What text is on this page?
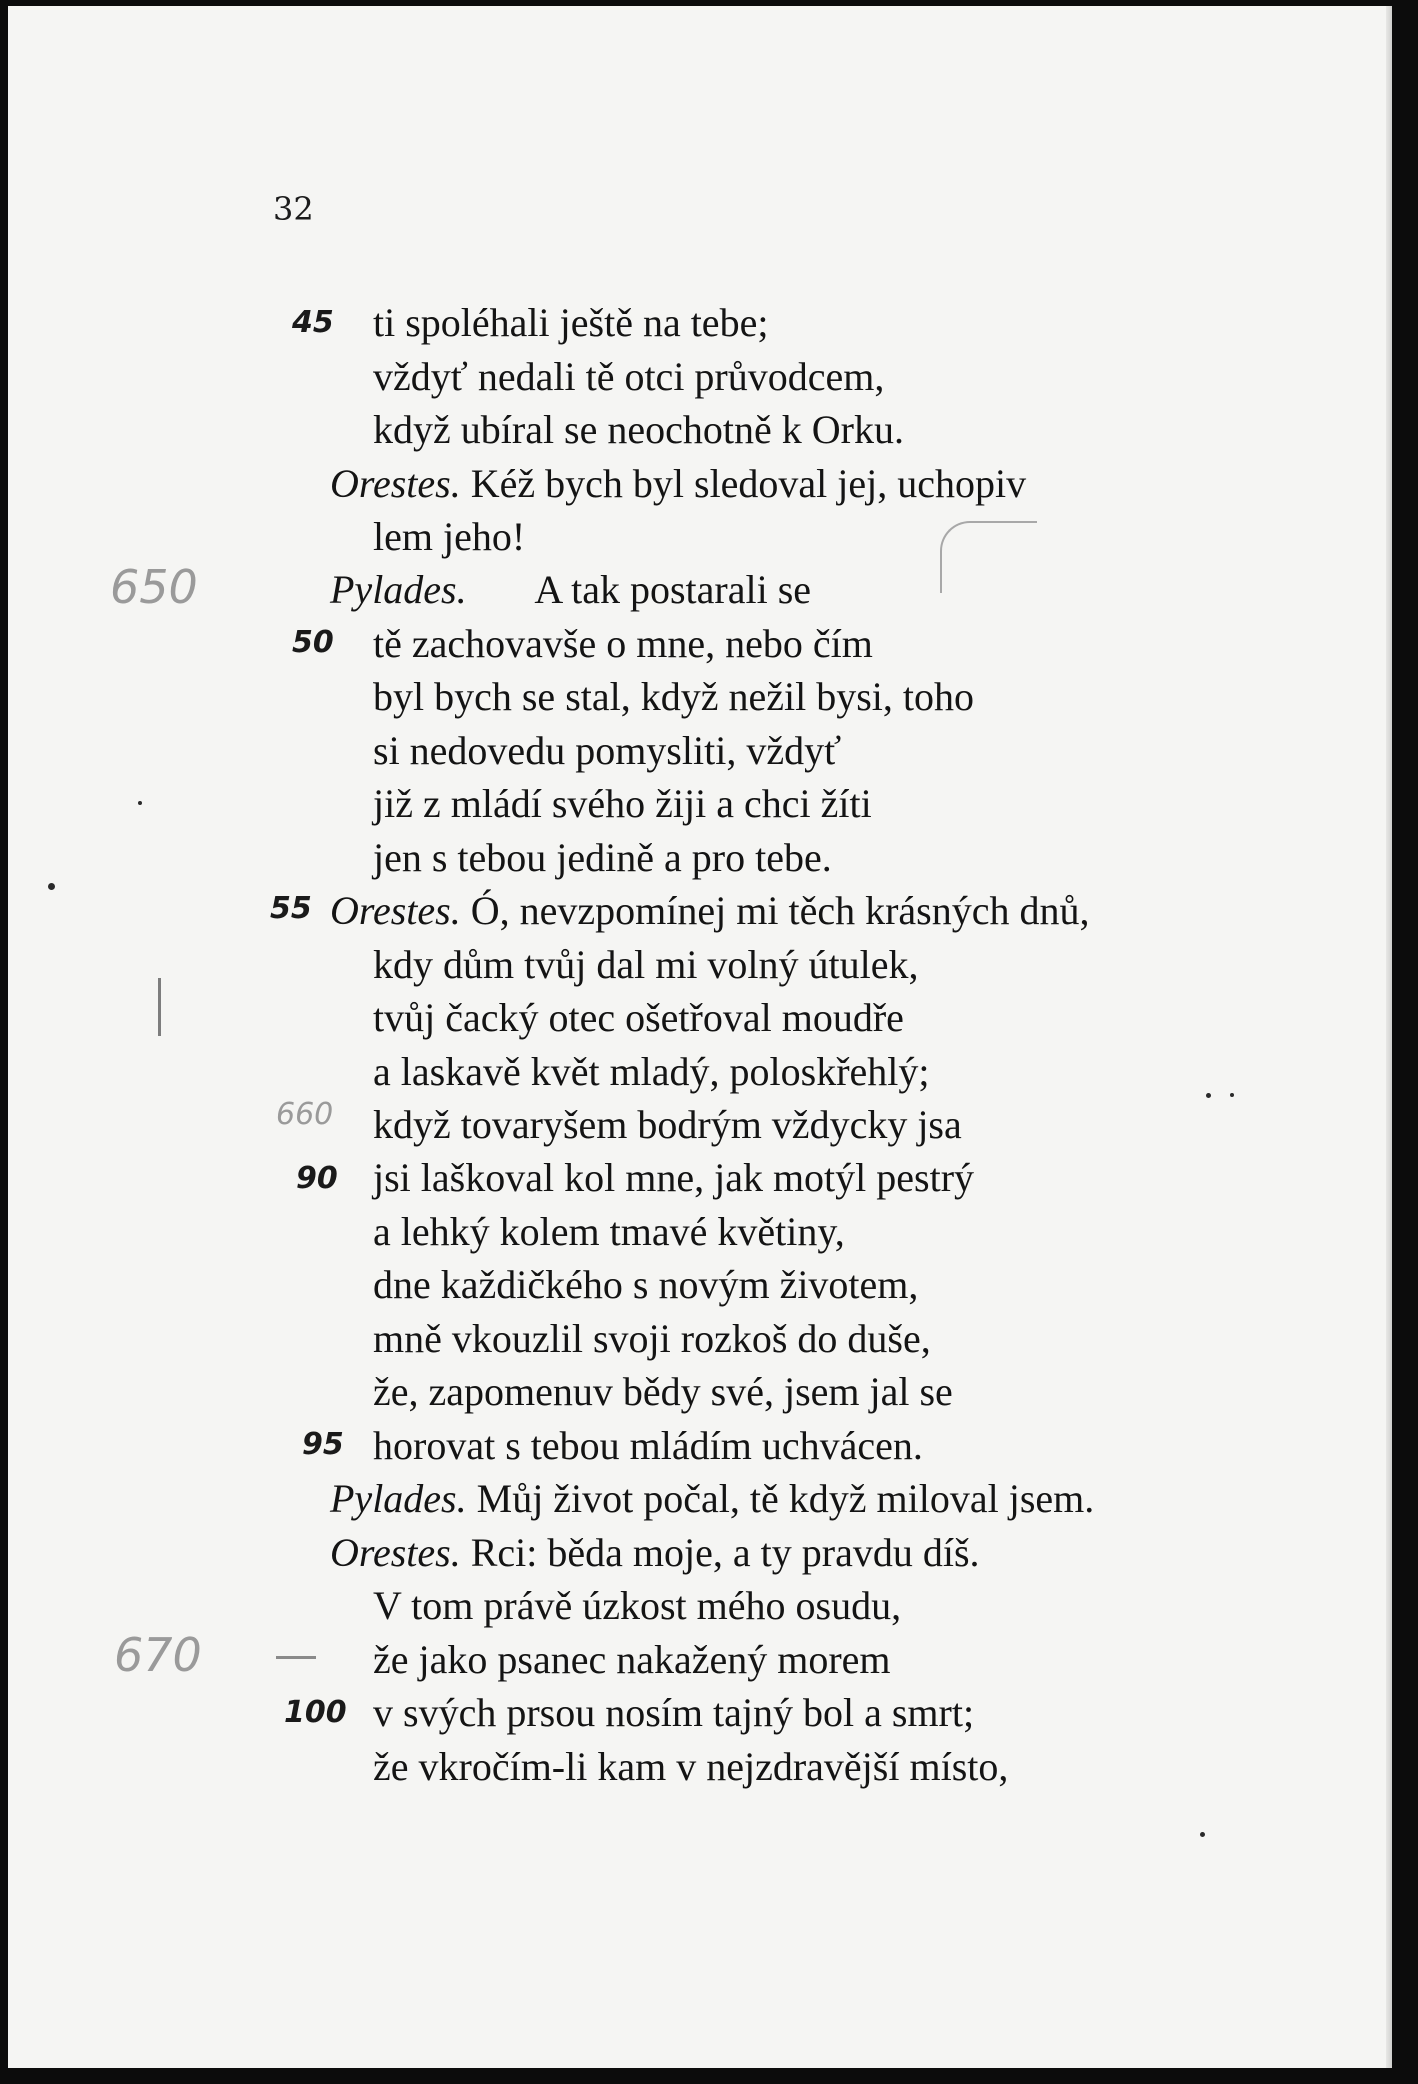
32
ti spoléhali ještě na tebe;
vždyť nedali tě otci průvodcem,
když ubíral se neochotně k Orku.
Orestes. Kéž bych byl sledoval jej, uchopiv
lem jeho!
Pylades. A tak postarali se
tě zachovavše o mne, nebo čím
byl bych se stal, když nežil bysi, toho
si nedovedu pomysliti, vždyť
již z mládí svého žiji a chci žíti
jen s tebou jedině a pro tebe.
Orestes. Ó, nevzpomínej mi těch krásných dnů,
kdy dům tvůj dal mi volný útulek,
tvůj čacký otec ošetřoval moudře
a laskavě květ mladý, poloskřehlý;
když tovaryšem bodrým vždycky jsa
jsi laškoval kol mne, jak motýl pestrý
a lehký kolem tmavé květiny,
dne každičkého s novým životem,
mně vkouzlil svoji rozkoš do duše,
že, zapomenuv bědy své, jsem jal se
horovat s tebou mládím uchvácen.
Pylades. Můj život počal, tě když miloval jsem.
Orestes. Rci: běda moje, a ty pravdu díš.
V tom právě úzkost mého osudu,
že jako psanec nakažený morem
v svých prsou nosím tajný bol a smrt;
že vkročím-li kam v nejzdravější místo,
45
650
50
55
660
90
95
670
100
